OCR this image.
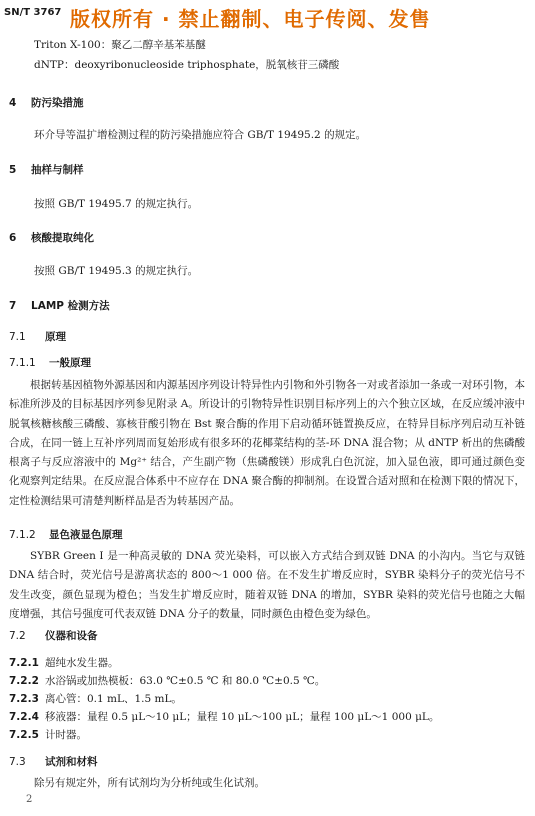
SN/T 3767 版权所有 · 禁止翻制、电子传阅、发售
Triton X-100：聚乙二醇辛基苯基醚
dNTP：deoxyribonucleoside triphosphate，脱氧核苷三磷酸
4 防污染措施
环介导等温扩增检测过程的防污染措施应符合 GB/T 19495.2 的规定。
5 抽样与制样
按照 GB/T 19495.7 的规定执行。
6 核酸提取纯化
按照 GB/T 19495.3 的规定执行。
7 LAMP 检测方法
7.1 原理
7.1.1 一般原理

根据转基因植物外源基因和内源基因序列设计特异性内引物和外引物各一对或者添加一条或一对环引物，本标准所涉及的目标基因序列参见附录 A。所设计的引物特异性识别目标序列上的六个独立区域，在反应缓冲液中脱氧核糖核酸三磷酸、寡核苷酸引物在 Bst 聚合酶的作用下启动循环链置换反应，在特异目标序列启动互补链合成，在同一链上互补序列周而复始形成有很多环的花椰菜结构的茎-环 DNA 混合物；从 dNTP 析出的焦磷酸根离子与反应溶液中的 Mg²⁺ 结合，产生副产物（焦磷酸镁）形成乳白色沉淀，加入显色液，即可通过颜色变化观察判定结果。在反应混合体系中不应存在 DNA 聚合酶的抑制剂。在设置合适对照和在检测下限的情况下，定性检测结果可清楚判断样品是否为转基因产品。

7.1.2 显色液显色原理

SYBR Green Ⅰ 是一种高灵敏的 DNA 荧光染料，可以嵌入方式结合到双链 DNA 的小沟内。当它与双链 DNA 结合时，荧光信号是游离状态的 800～1 000 倍。在不发生扩增反应时，SYBR 染料分子的荧光信号不发生改变，颜色显现为橙色；当发生扩增反应时，随着双链 DNA 的增加，SYBR 染料的荧光信号也随之大幅度增强，其信号强度可代表双链 DNA 分子的数量，同时颜色由橙色变为绿色。

7.2 仪器和设备
7.2.1 超纯水发生器。
7.2.2 水浴锅或加热模板：63.0 ℃±0.5 ℃ 和 80.0 ℃±0.5 ℃。
7.2.3 离心管：0.1 mL、1.5 mL。
7.2.4 移液器：量程 0.5 μL～10 μL；量程 10 μL～100 μL；量程 100 μL～1 000 μL。
7.2.5 计时器。
7.3 试剂和材料
除另有规定外，所有试剂均为分析纯或生化试剂。
2
